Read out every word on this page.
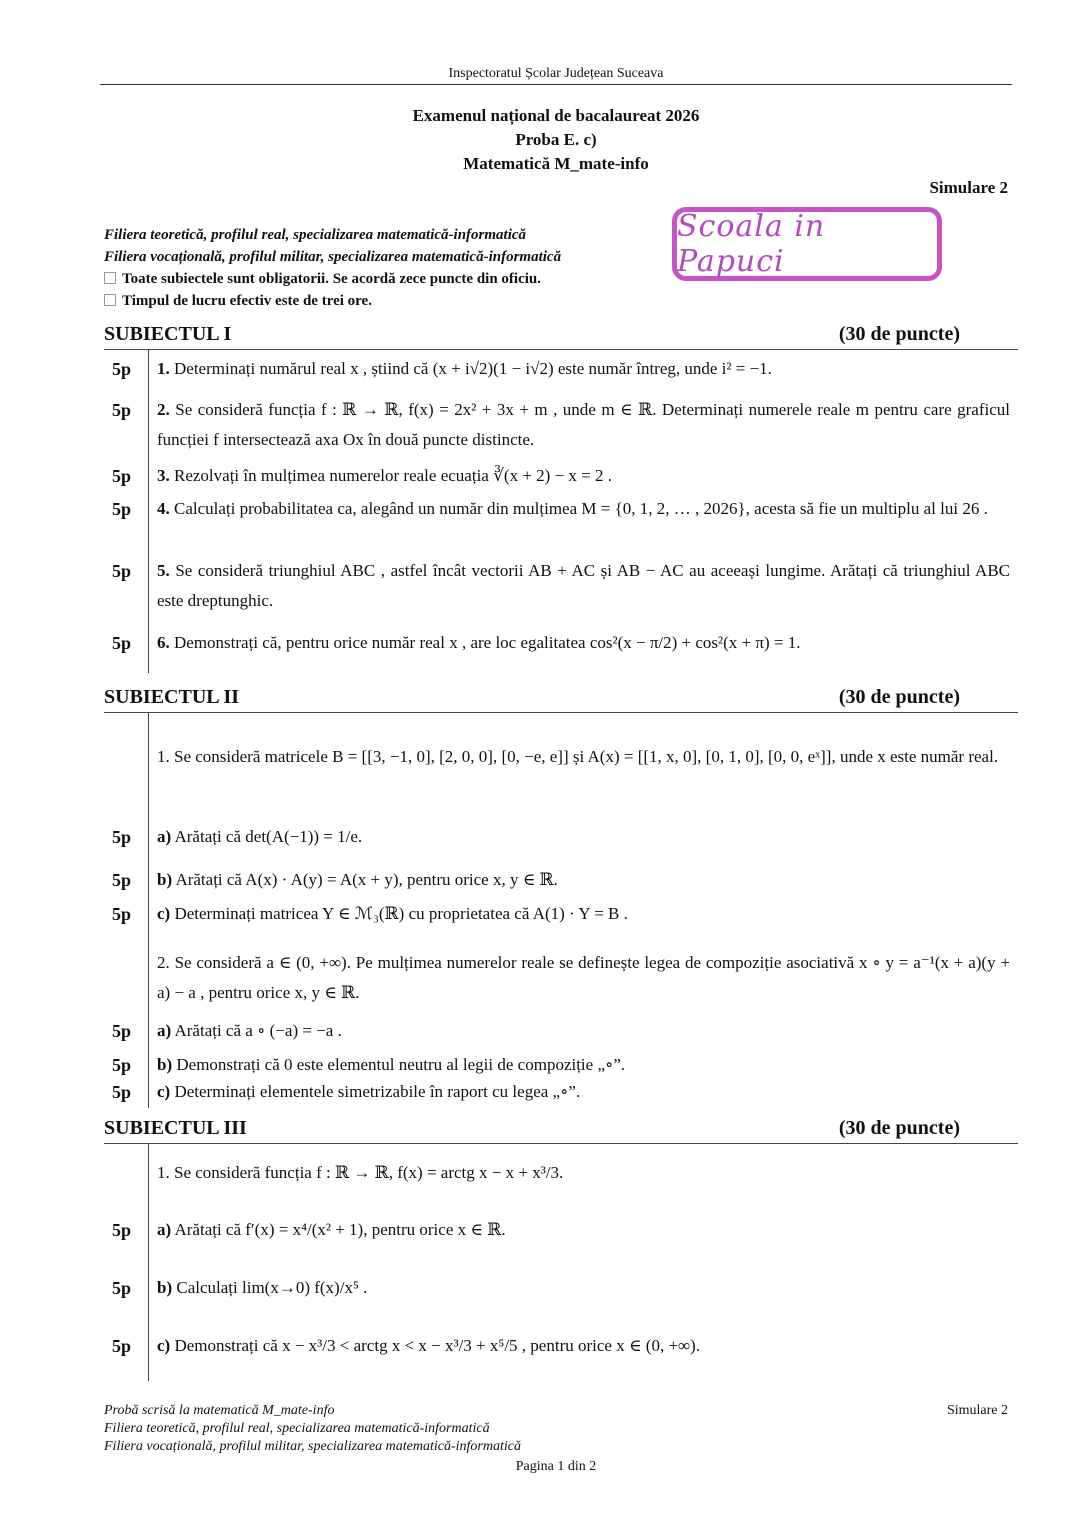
Inspectoratul Școlar Județean Suceava
Examenul național de bacalaureat 2026
Proba E. c)
Matematică M_mate-info
Simulare 2
Filiera teoretică, profilul real, specializarea matematică-informatică
Filiera vocațională, profilul militar, specializarea matematică-informatică
Toate subiectele sunt obligatorii. Se acordă zece puncte din oficiu.
Timpul de lucru efectiv este de trei ore.
Scoala in Papuci
SUBIECTUL I	(30 de puncte)
5p	1. Determinați numărul real x , știind că (x + i√2)(1 − i√2) este număr întreg, unde i² = −1.
5p	2. Se consideră funcția f : ℝ → ℝ, f(x) = 2x² + 3x + m , unde m ∈ ℝ. Determinați numerele reale m pentru care graficul funcției f intersectează axa Ox în două puncte distincte.
5p	3. Rezolvați în mulțimea numerelor reale ecuația ∛(x + 2) − x = 2 .
5p	4. Calculați probabilitatea ca, alegând un număr din mulțimea M = {0, 1, 2, … , 2026}, acesta să fie un multiplu al lui 26 .
5p	5. Se consideră triunghiul ABC , astfel încât vectorii AB + AC și AB − AC au aceeași lungime. Arătați că triunghiul ABC este dreptunghic.
5p	6. Demonstrați că, pentru orice număr real x , are loc egalitatea cos²(x − π/2) + cos²(x + π) = 1.
SUBIECTUL II	(30 de puncte)
1. Se consideră matricele B = [[3, −1, 0], [2, 0, 0], [0, −e, e]] și A(x) = [[1, x, 0], [0, 1, 0], [0, 0, eˣ]], unde x este număr real.
5p	a) Arătați că det(A(−1)) = 1/e.
5p	b) Arătați că A(x) · A(y) = A(x + y), pentru orice x, y ∈ ℝ.
5p	c) Determinați matricea Y ∈ ℳ₃(ℝ) cu proprietatea că A(1) · Y = B .
2. Se consideră a ∈ (0, +∞). Pe mulțimea numerelor reale se definește legea de compoziție asociativă x ∘ y = a⁻¹(x + a)(y + a) − a , pentru orice x, y ∈ ℝ.
5p	a) Arătați că a ∘ (−a) = −a .
5p	b) Demonstrați că 0 este elementul neutru al legii de compoziție „∘”.
5p	c) Determinați elementele simetrizabile în raport cu legea „∘”.
SUBIECTUL III	(30 de puncte)
1. Se consideră funcția f : ℝ → ℝ, f(x) = arctg x − x + x³/3.
5p	a) Arătați că f′(x) = x⁴/(x² + 1), pentru orice x ∈ ℝ.
5p	b) Calculați lim(x→0) f(x)/x⁵ .
5p	c) Demonstrați că x − x³/3 < arctg x < x − x³/3 + x⁵/5 , pentru orice x ∈ (0, +∞).
Probă scrisă la matematică M_mate-info
Filiera teoretică, profilul real, specializarea matematică-informatică
Filiera vocațională, profilul militar, specializarea matematică-informatică
Simulare 2
Pagina 1 din 2
